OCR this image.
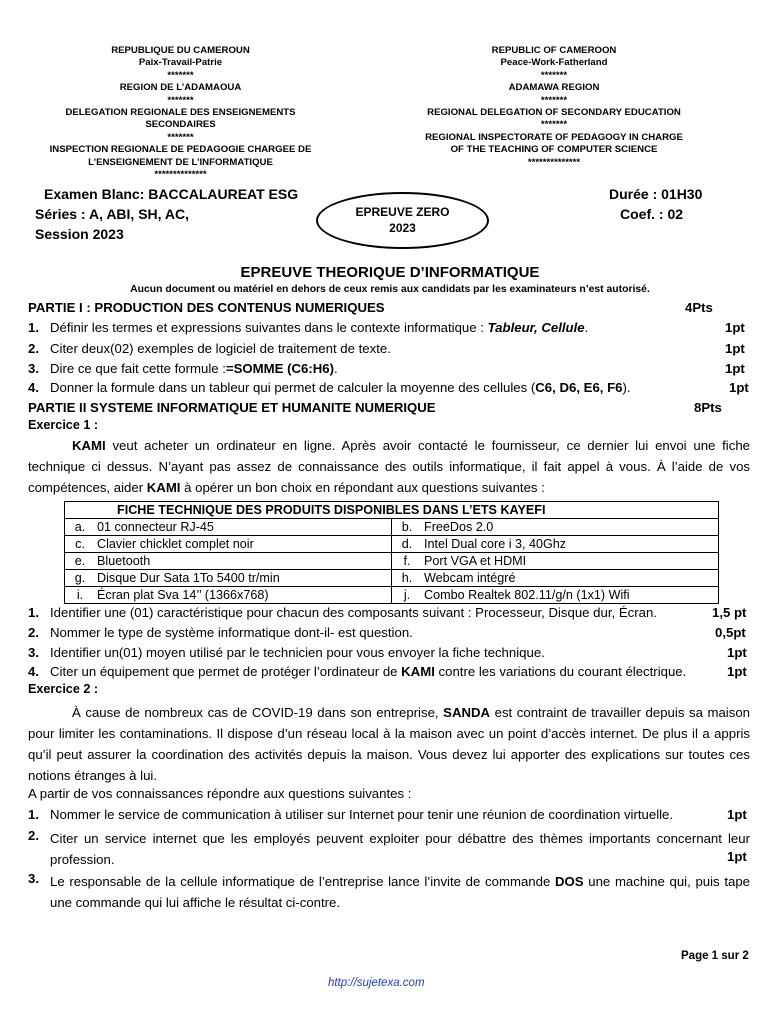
REPUBLIQUE DU CAMEROUN
Paix-Travail-Patrie
*******
REGION DE L’ADAMAOUA
*******
DELEGATION REGIONALE DES ENSEIGNEMENTS
SECONDAIRES
*******
INSPECTION REGIONALE DE PEDAGOGIE CHARGEE DE
L’ENSEIGNEMENT DE L’INFORMATIQUE
**************
REPUBLIC OF CAMEROON
Peace-Work-Fatherland
*******
ADAMAWA REGION
*******
REGIONAL DELEGATION OF SECONDARY EDUCATION
*******
REGIONAL INSPECTORATE OF PEDAGOGY IN CHARGE
OF THE TEACHING OF COMPUTER SCIENCE
**************
Examen Blanc: BACCALAUREAT ESG
Séries : A, ABI, SH, AC,
Session 2023
EPREUVE ZERO
2023
Durée : 01H30
Coef. : 02
EPREUVE THEORIQUE D’INFORMATIQUE
Aucun document ou matériel en dehors de ceux remis aux candidats par les examinateurs n’est autorisé.
PARTIE I : PRODUCTION DES CONTENUS NUMERIQUES	4Pts
1. Définir les termes et expressions suivantes dans le contexte informatique : Tableur, Cellule.	1pt
2. Citer deux(02) exemples de logiciel de traitement de texte.	1pt
3. Dire ce que fait cette formule :=SOMME (C6:H6).	1pt
4. Donner la formule dans un tableur qui permet de calculer la moyenne des cellules (C6, D6, E6, F6).	1pt
PARTIE II SYSTEME INFORMATIQUE ET HUMANITE NUMERIQUE	8Pts
Exercice 1 :
KAMI veut acheter un ordinateur en ligne. Après avoir contacté le fournisseur, ce dernier lui envoi une fiche technique ci dessus. N’ayant pas assez de connaissance des outils informatique, il fait appel à vous. À l’aide de vos compétences, aider KAMI à opérer un bon choix en répondant aux questions suivantes :
FICHE TECHNIQUE DES PRODUITS DISPONIBLES DANS L’ETS KAYEFI	
a. 01 connecteur RJ-45	b. FreeDos 2.0
c. Clavier chicklet complet noir	d. Intel Dual core i 3, 40Ghz
e. Bluetooth	f. Port VGA et HDMI
g. Disque Dur Sata 1To 5400 tr/min	h. Webcam intégré
i. Écran plat Sva 14’’ (1366x768)	j. Combo Realtek 802.11/g/n (1x1) Wifi
1. Identifier une (01) caractéristique pour chacun des composants suivant : Processeur, Disque dur, Écran.	1,5 pt
2. Nommer le type de système informatique dont-il- est question.	0,5pt
3. Identifier un(01) moyen utilisé par le technicien pour vous envoyer la fiche technique.	1pt
4. Citer un équipement que permet de protéger l’ordinateur de KAMI contre les variations du courant électrique.	1pt
Exercice 2 :
À cause de nombreux cas de COVID-19 dans son entreprise, SANDA est contraint de travailler depuis sa maison pour limiter les contaminations. Il dispose d’un réseau local à la maison avec un point d’accès internet. De plus il a appris qu’il peut assurer la coordination des activités depuis la maison. Vous devez lui apporter des explications sur toutes ces notions étranges à lui.
A partir de vos connaissances répondre aux questions suivantes :
1. Nommer le service de communication à utiliser sur Internet pour tenir une réunion de coordination virtuelle.	1pt
2. Citer un service internet que les employés peuvent exploiter pour débattre des thèmes importants concernant leur profession.	1pt
3. Le responsable de la cellule informatique de l’entreprise lance l’invite de commande DOS une machine qui, puis tape une commande qui lui affiche le résultat ci-contre.
Page 1 sur 2
http://sujetexa.com
